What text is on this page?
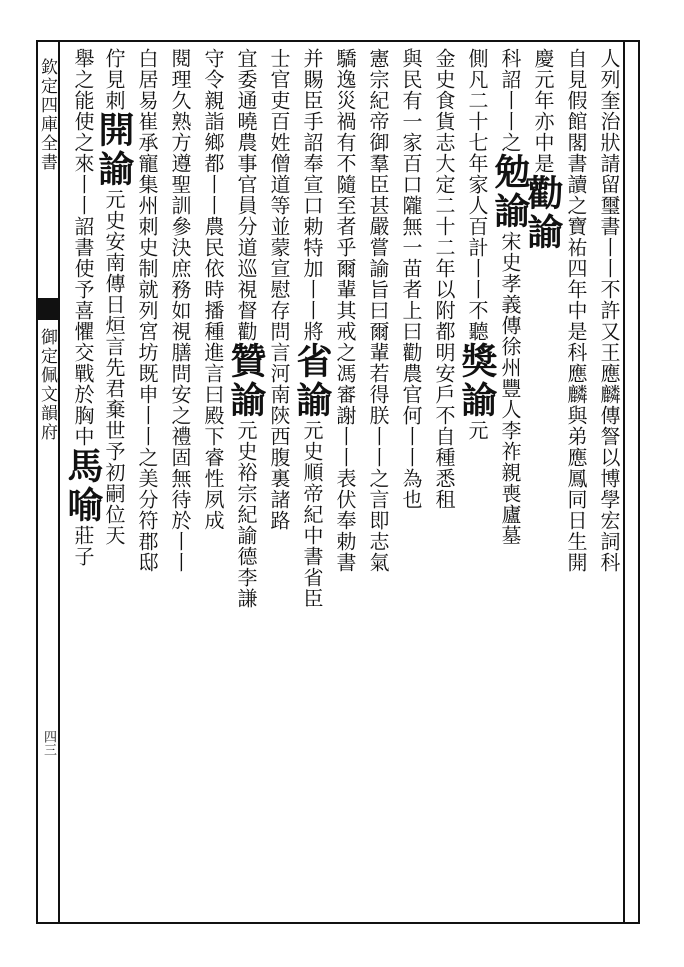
欽定四庫全書
御定佩文韻府
四三
人列奎治狀請留璽書丨丨不許又王應麟傳詧以博學宏詞科
自見假館閣書讀之寶祐四年中是科應麟與弟應鳳同日生開
慶元年亦中是勸諭
科詔丨丨之勉諭宋史孝義傳徐州豐人李祚親喪廬墓
側凡二十七年家人百計丨丨不聽獎諭元
金史食貨志大定二十二年以附都明安戶不自種悉租
與民有一家百口隴無一苗者上曰勸農官何丨丨為也
憲宗紀帝御羣臣甚嚴嘗諭旨曰爾輩若得朕丨丨之言即志氣
驕逸災禍有不隨至者乎爾輩其戒之馮審謝丨丨表伏奉勅書
并賜臣手詔奉宣口勅特加丨丨將省諭元史順帝紀中書省臣
士官吏百姓僧道等並蒙宣慰存問言河南陝西腹裏諸路
宜委通曉農事官員分道巡視督勸贊諭元史裕宗紀諭德李謙
守令親詣鄉都丨丨農民依時播種進言曰殿下睿性夙成
閱理久熟方遵聖訓參決庶務如視膳問安之禮固無待於丨丨
白居易崔承寵集州刺史制就列宮坊既申丨丨之美分符郡邸
佇見刺開諭元史安南傳日烜言先君棄世予初嗣位天
舉之能使之來丨丨詔書使予喜懼交戰於胸中馬喻莊子
